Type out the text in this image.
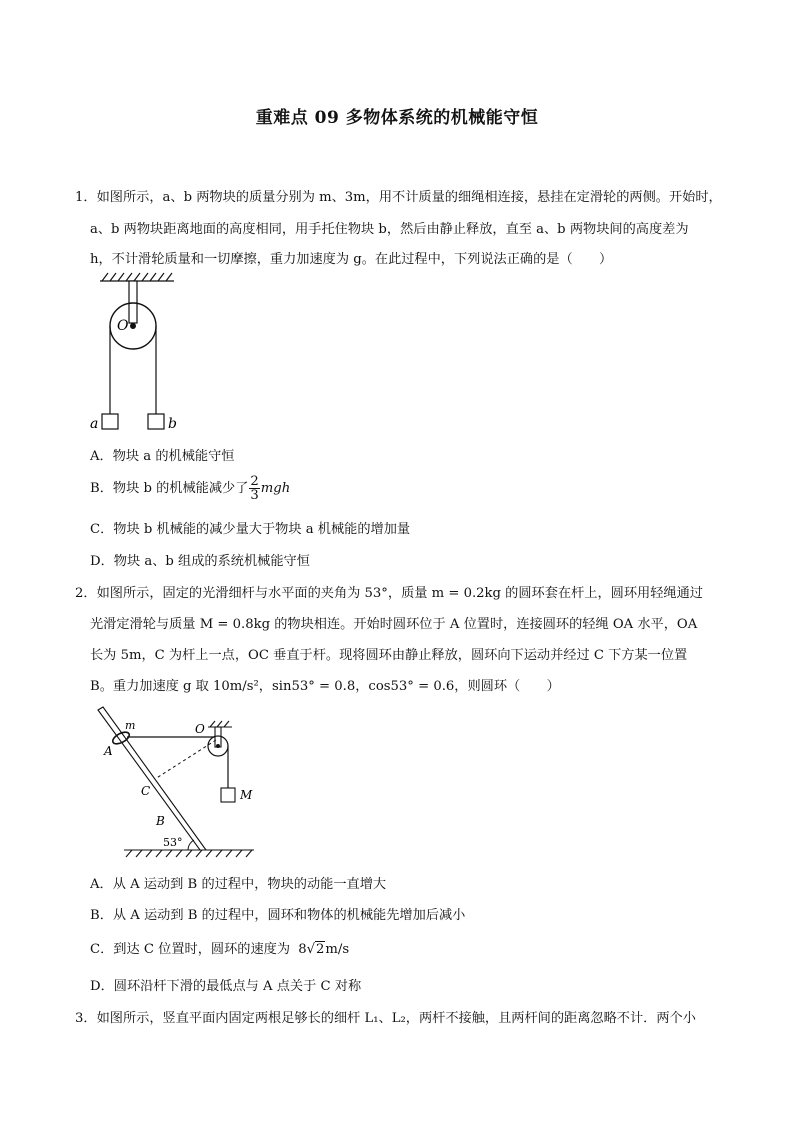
重难点 09 多物体系统的机械能守恒
1．如图所示，a、b 两物块的质量分别为 m、3m，用不计质量的细绳相连接，悬挂在定滑轮的两侧。开始时，
a、b 两物块距离地面的高度相同，用手托住物块 b，然后由静止释放，直至 a、b 两物块间的高度差为
h，不计滑轮质量和一切摩擦，重力加速度为 g。在此过程中，下列说法正确的是（　　）
O
a	b
A．物块 a 的机械能守恒
B．物块 b 的机械能减少了 $\frac{2}{3}$ mgh
C．物块 b 机械能的减少量大于物块 a 机械能的增加量
D．物块 a、b 组成的系统机械能守恒
2．如图所示，固定的光滑细杆与水平面的夹角为 53°，质量 m = 0.2kg 的圆环套在杆上，圆环用轻绳通过
光滑定滑轮与质量 M = 0.8kg 的物块相连。开始时圆环位于 A 位置时，连接圆环的轻绳 OA 水平，OA
长为 5m，C 为杆上一点，OC 垂直于杆。现将圆环由静止释放，圆环向下运动并经过 C 下方某一位置
B。重力加速度 g 取 10m/s²，sin53° = 0.8，cos53° = 0.6，则圆环（　　）
m	O
A
C
B
M
53°
A．从 A 运动到 B 的过程中，物块的动能一直增大
B．从 A 运动到 B 的过程中，圆环和物体的机械能先增加后减小
C．到达 C 位置时，圆环的速度为 8√2m/s
D．圆环沿杆下滑的最低点与 A 点关于 C 对称
3．如图所示，竖直平面内固定两根足够长的细杆 L₁、L₂，两杆不接触，且两杆间的距离忽略不计．两个小
